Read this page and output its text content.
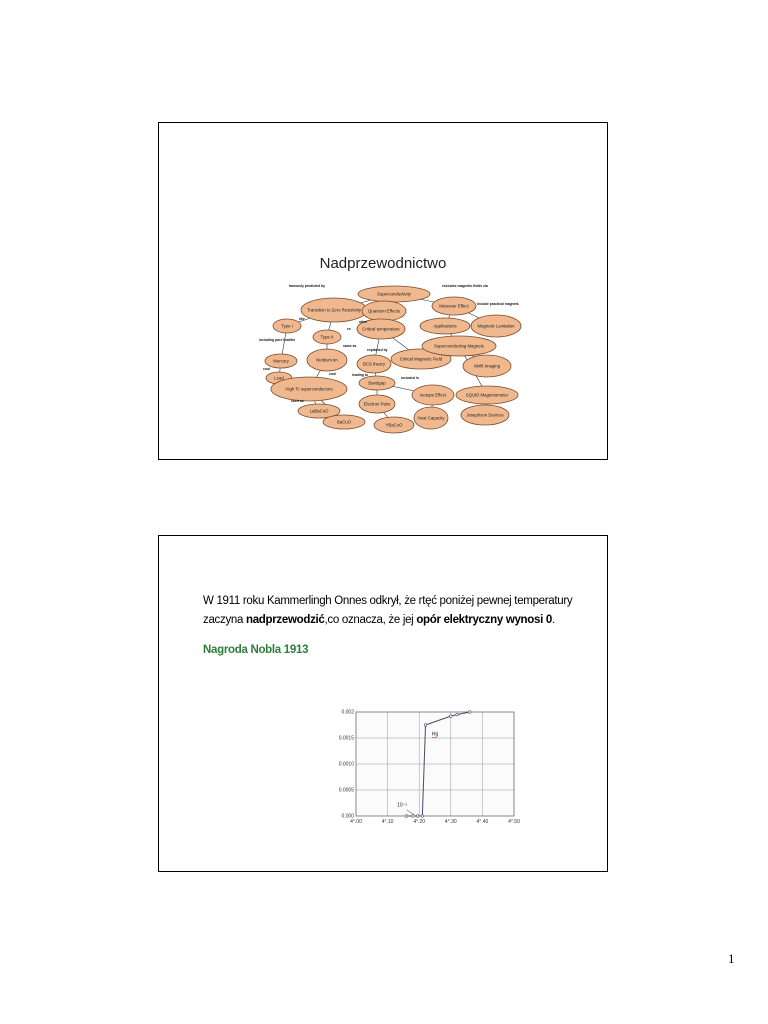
Nadprzewodnictwo
Superconductivity
Transition to Zero Resistivity Quantum Effects
Meissner Effect
Type I
Type II
Critical temperature
Applications	Magnetic Levitation
Mercury	Niobium tin	Critical Magnetic Field
Superconducting Magnets
Lead
BCS theory	NMR Imaging
High Tc superconductors
Bandgap
Isotope Effect	SQUID Magnetometer
LaBaCuO
Electron Pairs
Heat Capacity
Josephson Devices
BaCuO
YBaCuO
famously predicted by	excludes magnetic fields via
like
ex
other
Include practical magnets
including pure lead/tin
same as
cool
cool
explained by
leading to
included in
such as
W 1911 roku Kammerlingh Onnes odkrył, że rtęć poniżej pewnej temperatury zaczyna nadprzewodzić,co oznacza, że jej opór elektryczny wynosi 0.
Nagroda Nobla 1913
4°.00	4°.10	4°.20	4°.30	4°.40	4°.50
0.000
0.0005
0.0010
0.0015
0.002
Hg
10⁻⁵
1
